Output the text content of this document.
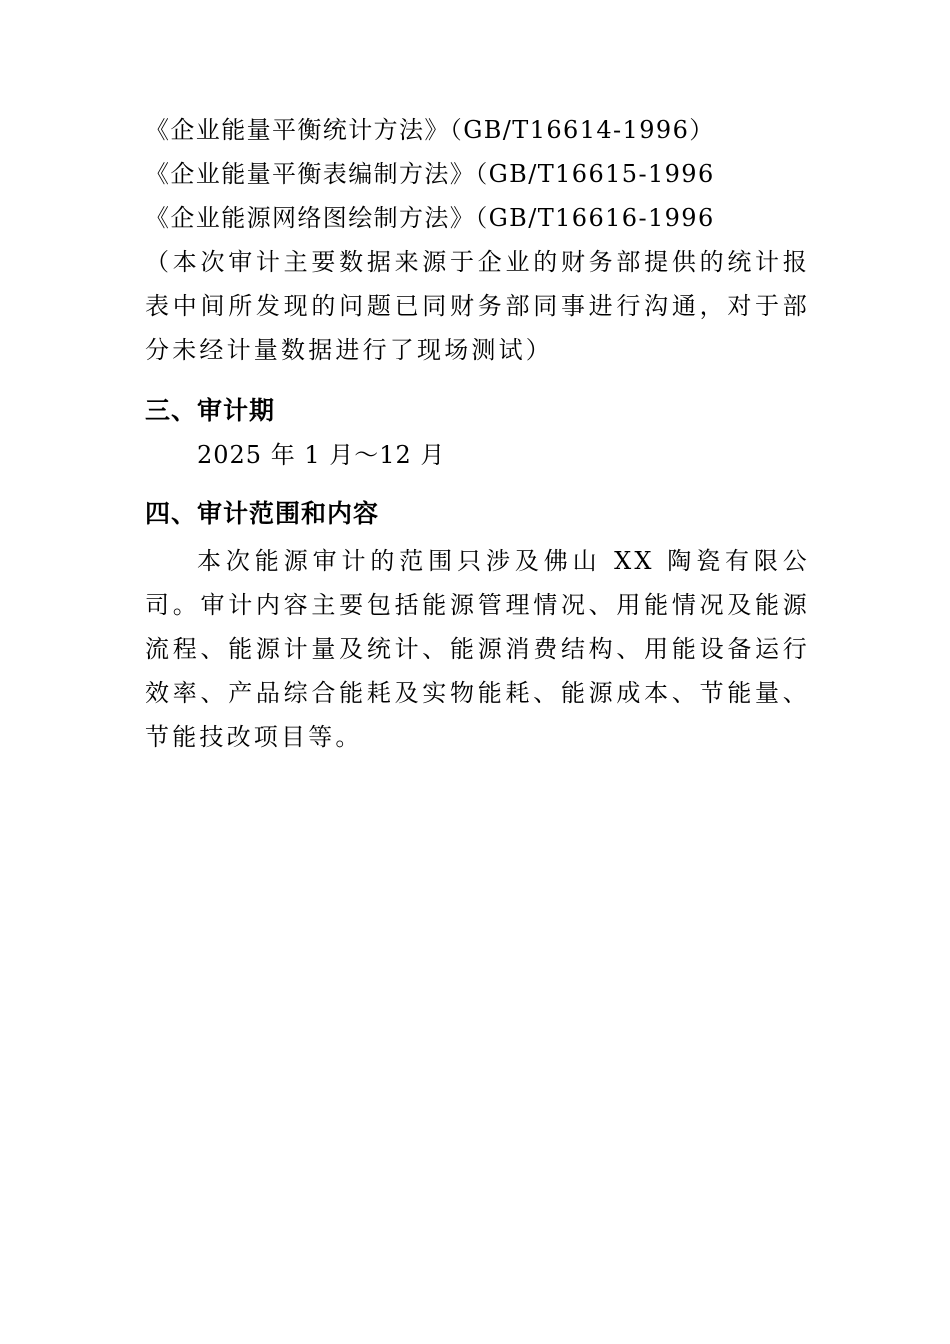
《企业能量平衡统计方法》（GB/T16614-1996）
《企业能量平衡表编制方法》（GB/T16615-1996
《企业能源网络图绘制方法》（GB/T16616-1996
（本次审计主要数据来源于企业的财务部提供的统计报表中间所发现的问题已同财务部同事进行沟通，对于部分未经计量数据进行了现场测试）
三、审计期
2025 年 1 月～12 月
四、审计范围和内容
本次能源审计的范围只涉及佛山 XX 陶瓷有限公司。审计内容主要包括能源管理情况、用能情况及能源流程、能源计量及统计、能源消费结构、用能设备运行效率、产品综合能耗及实物能耗、能源成本、节能量、节能技改项目等。
